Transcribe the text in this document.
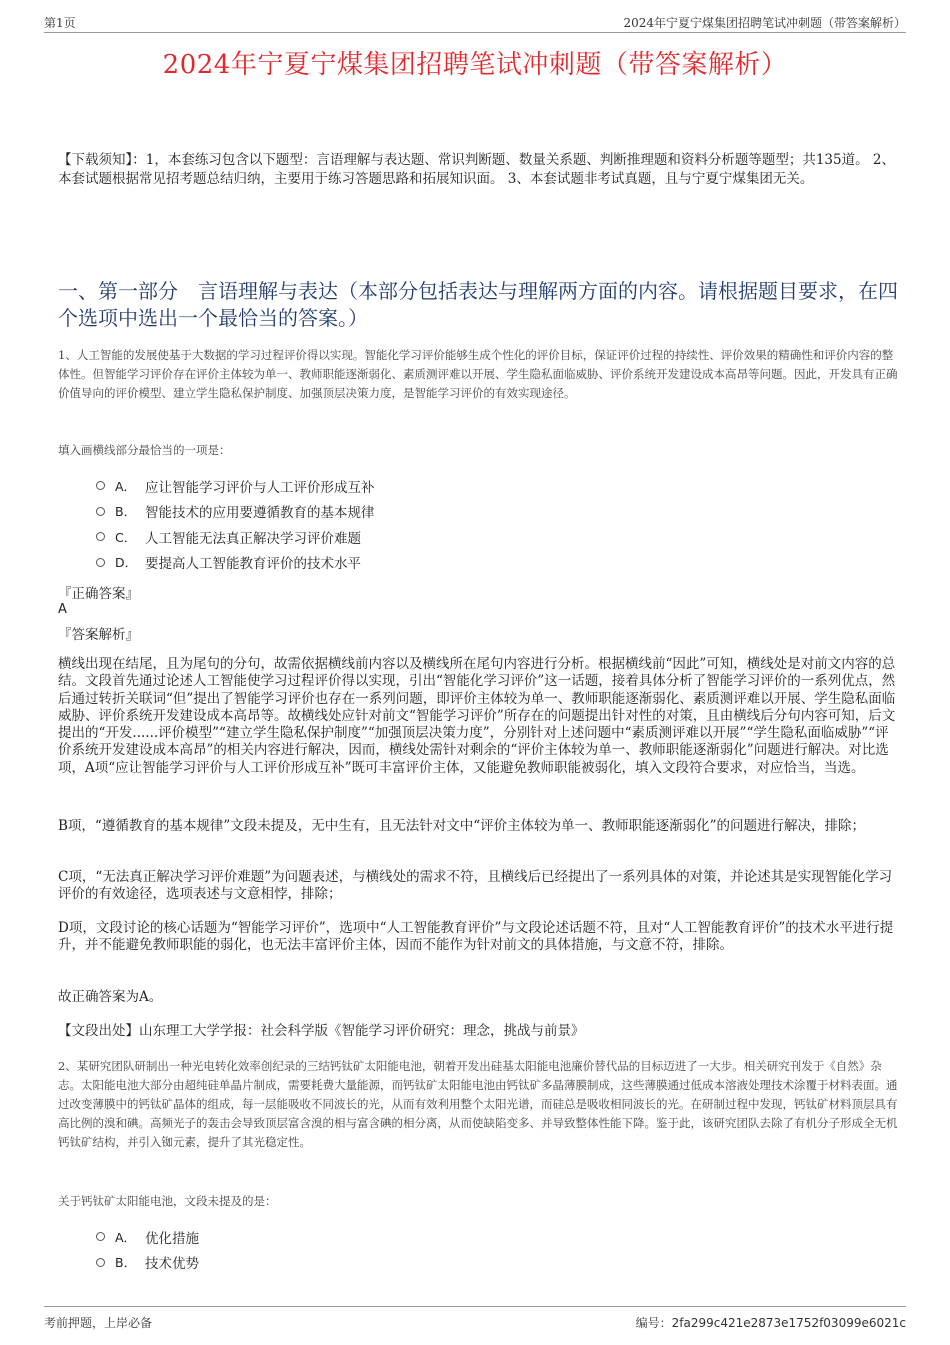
第1页	2024年宁夏宁煤集团招聘笔试冲刺题（带答案解析）
2024年宁夏宁煤集团招聘笔试冲刺题（带答案解析）
【下载须知】：1，本套练习包含以下题型：言语理解与表达题、常识判断题、数量关系题、判断推理题和资料分析题等题型；共135道。 2、本套试题根据常见招考题总结归纳，主要用于练习答题思路和拓展知识面。 3、本套试题非考试真题，且与宁夏宁煤集团无关。
一、第一部分　言语理解与表达（本部分包括表达与理解两方面的内容。请根据题目要求，在四个选项中选出一个最恰当的答案。）
1、人工智能的发展使基于大数据的学习过程评价得以实现。智能化学习评价能够生成个性化的评价目标，保证评价过程的持续性、评价效果的精确性和评价内容的整体性。但智能学习评价存在评价主体较为单一、教师职能逐渐弱化、素质测评难以开展、学生隐私面临威胁、评价系统开发建设成本高昂等问题。因此，开发具有正确价值导向的评价模型、建立学生隐私保护制度、加强顶层决策力度，是智能学习评价的有效实现途径。
填入画横线部分最恰当的一项是：
A． 应让智能学习评价与人工评价形成互补
B． 智能技术的应用要遵循教育的基本规律
C． 人工智能无法真正解决学习评价难题
D． 要提高人工智能教育评价的技术水平
『正确答案』
A
『答案解析』
横线出现在结尾，且为尾句的分句，故需依据横线前内容以及横线所在尾句内容进行分析。根据横线前“因此”可知，横线处是对前文内容的总结。文段首先通过论述人工智能使学习过程评价得以实现，引出“智能化学习评价”这一话题，接着具体分析了智能学习评价的一系列优点，然后通过转折关联词“但”提出了智能学习评价也存在一系列问题，即评价主体较为单一、教师职能逐渐弱化、素质测评难以开展、学生隐私面临威胁、评价系统开发建设成本高昂等。故横线处应针对前文“智能学习评价”所存在的问题提出针对性的对策，且由横线后分句内容可知，后文提出的“开发......评价模型”“建立学生隐私保护制度”“加强顶层决策力度”，分别针对上述问题中“素质测评难以开展”“学生隐私面临威胁”“评价系统开发建设成本高昂”的相关内容进行解决，因而，横线处需针对剩余的“评价主体较为单一、教师职能逐渐弱化”问题进行解决。对比选项，A项“应让智能学习评价与人工评价形成互补”既可丰富评价主体，又能避免教师职能被弱化，填入文段符合要求，对应恰当，当选。
B项，“遵循教育的基本规律”文段未提及，无中生有，且无法针对文中“评价主体较为单一、教师职能逐渐弱化”的问题进行解决，排除；
C项，“无法真正解决学习评价难题”为问题表述，与横线处的需求不符，且横线后已经提出了一系列具体的对策，并论述其是实现智能化学习评价的有效途径，选项表述与文意相悖，排除；
D项，文段讨论的核心话题为“智能学习评价”，选项中“人工智能教育评价”与文段论述话题不符，且对“人工智能教育评价”的技术水平进行提升，并不能避免教师职能的弱化，也无法丰富评价主体，因而不能作为针对前文的具体措施，与文意不符，排除。
故正确答案为A。
【文段出处】山东理工大学学报：社会科学版《智能学习评价研究：理念，挑战与前景》
2、某研究团队研制出一种光电转化效率创纪录的三结钙钛矿太阳能电池，朝着开发出硅基太阳能电池廉价替代品的目标迈进了一大步。相关研究刊发于《自然》杂志。太阳能电池大部分由超纯硅单晶片制成，需要耗费大量能源，而钙钛矿太阳能电池由钙钛矿多晶薄膜制成，这些薄膜通过低成本溶液处理技术涂覆于材料表面。通过改变薄膜中的钙钛矿晶体的组成，每一层能吸收不同波长的光，从而有效利用整个太阳光谱，而硅总是吸收相同波长的光。在研制过程中发现，钙钛矿材料顶层具有高比例的溴和碘。高频光子的轰击会导致顶层富含溴的相与富含碘的相分离，从而使缺陷变多、并导致整体性能下降。鉴于此，该研究团队去除了有机分子形成全无机钙钛矿结构，并引入铷元素，提升了其光稳定性。
关于钙钛矿太阳能电池，文段未提及的是：
A． 优化措施
B． 技术优势
考前押题，上岸必备	编号：2fa299c421e2873e1752f03099e6021c
